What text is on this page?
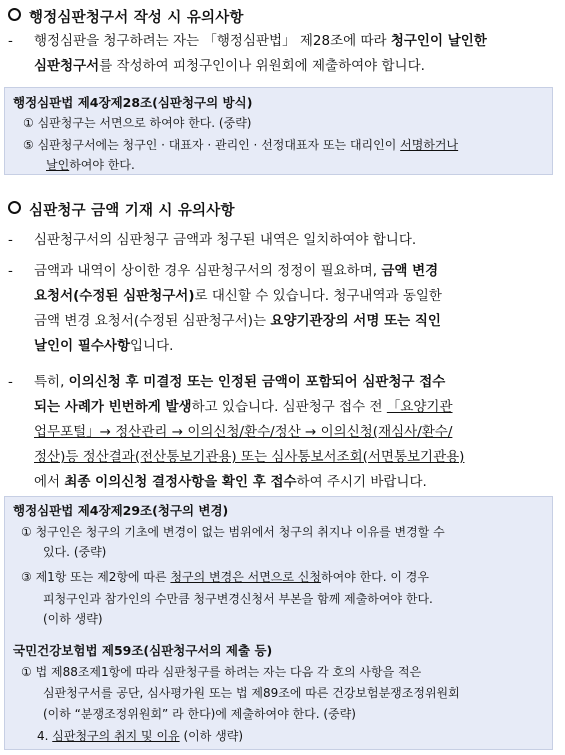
행정심판청구서 작성 시 유의사항
- 행정심판을 청구하려는 자는 「행정심판법」 제28조에 따라 청구인이 날인한
심판청구서를 작성하여 피청구인이나 위원회에 제출하여야 합니다.
행정심판법 제4장제28조(심판청구의 방식)
① 심판청구는 서면으로 하여야 한다. (중략)
⑤ 심판청구서에는 청구인 · 대표자 · 관리인 · 선정대표자 또는 대리인이 서명하거나
날인하여야 한다.
심판청구 금액 기재 시 유의사항
- 심판청구서의 심판청구 금액과 청구된 내역은 일치하여야 합니다.
- 금액과 내역이 상이한 경우 심판청구서의 정정이 필요하며, 금액 변경
요청서(수정된 심판청구서)로 대신할 수 있습니다. 청구내역과 동일한
금액 변경 요청서(수정된 심판청구서)는 요양기관장의 서명 또는 직인
날인이 필수사항입니다.
- 특히, 이의신청 후 미결정 또는 인정된 금액이 포함되어 심판청구 접수
되는 사례가 빈번하게 발생하고 있습니다. 심판청구 접수 전 「요양기관
업무포털」→ 정산관리 → 이의신청/환수/정산 → 이의신청(재심사/환수/
정산)등 정산결과(전산통보기관용) 또는 심사통보서조회(서면통보기관용)
에서 최종 이의신청 결정사항을 확인 후 접수하여 주시기 바랍니다.
행정심판법 제4장제29조(청구의 변경)
① 청구인은 청구의 기초에 변경이 없는 범위에서 청구의 취지나 이유를 변경할 수
있다. (중략)
③ 제1항 또는 제2항에 따른 청구의 변경은 서면으로 신청하여야 한다. 이 경우
피청구인과 참가인의 수만큼 청구변경신청서 부본을 함께 제출하여야 한다.
(이하 생략)
국민건강보험법 제59조(심판청구서의 제출 등)
① 법 제88조제1항에 따라 심판청구를 하려는 자는 다음 각 호의 사항을 적은
심판청구서를 공단, 심사평가원 또는 법 제89조에 따른 건강보험분쟁조정위원회
(이하 “분쟁조정위원회” 라 한다)에 제출하여야 한다. (중략)
4. 심판청구의 취지 및 이유 (이하 생략)
